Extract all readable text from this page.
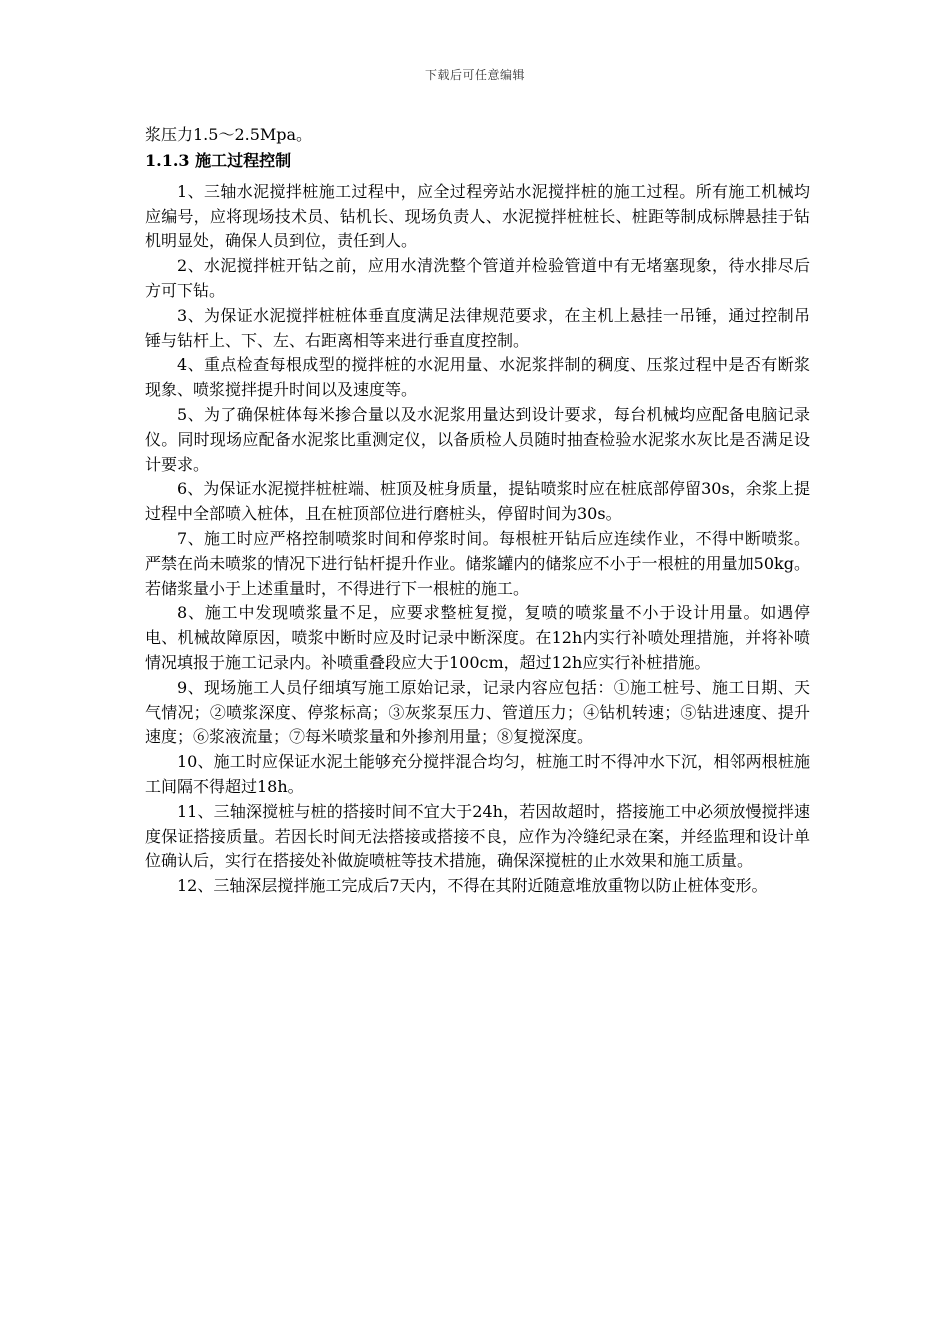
下载后可任意编辑

浆压力1.5～2.5Mpa。

1.1.3 施工过程控制

1、三轴水泥搅拌桩施工过程中，应全过程旁站水泥搅拌桩的施工过程。所有施工机械均应编号，应将现场技术员、钻机长、现场负责人、水泥搅拌桩桩长、桩距等制成标牌悬挂于钻机明显处，确保人员到位，责任到人。

2、水泥搅拌桩开钻之前，应用水清洗整个管道并检验管道中有无堵塞现象，待水排尽后方可下钻。

3、为保证水泥搅拌桩桩体垂直度满足法律规范要求，在主机上悬挂一吊锤，通过控制吊锤与钻杆上、下、左、右距离相等来进行垂直度控制。

4、重点检查每根成型的搅拌桩的水泥用量、水泥浆拌制的稠度、压浆过程中是否有断浆现象、喷浆搅拌提升时间以及速度等。

5、为了确保桩体每米掺合量以及水泥浆用量达到设计要求，每台机械均应配备电脑记录仪。同时现场应配备水泥浆比重测定仪，以备质检人员随时抽查检验水泥浆水灰比是否满足设计要求。

6、为保证水泥搅拌桩桩端、桩顶及桩身质量，提钻喷浆时应在桩底部停留30s，余浆上提过程中全部喷入桩体，且在桩顶部位进行磨桩头，停留时间为30s。

7、施工时应严格控制喷浆时间和停浆时间。每根桩开钻后应连续作业，不得中断喷浆。严禁在尚未喷浆的情况下进行钻杆提升作业。储浆罐内的储浆应不小于一根桩的用量加50kg。若储浆量小于上述重量时，不得进行下一根桩的施工。

8、施工中发现喷浆量不足，应要求整桩复搅，复喷的喷浆量不小于设计用量。如遇停电、机械故障原因，喷浆中断时应及时记录中断深度。在12h内实行补喷处理措施，并将补喷情况填报于施工记录内。补喷重叠段应大于100cm，超过12h应实行补桩措施。

9、现场施工人员仔细填写施工原始记录，记录内容应包括：①施工桩号、施工日期、天气情况；②喷浆深度、停浆标高；③灰浆泵压力、管道压力；④钻机转速；⑤钻进速度、提升速度；⑥浆液流量；⑦每米喷浆量和外掺剂用量；⑧复搅深度。

10、施工时应保证水泥土能够充分搅拌混合均匀，桩施工时不得冲水下沉，相邻两根桩施工间隔不得超过18h。

11、三轴深搅桩与桩的搭接时间不宜大于24h，若因故超时，搭接施工中必须放慢搅拌速度保证搭接质量。若因长时间无法搭接或搭接不良，应作为冷缝纪录在案，并经监理和设计单位确认后，实行在搭接处补做旋喷桩等技术措施，确保深搅桩的止水效果和施工质量。

12、三轴深层搅拌施工完成后7天内，不得在其附近随意堆放重物以防止桩体变形。
